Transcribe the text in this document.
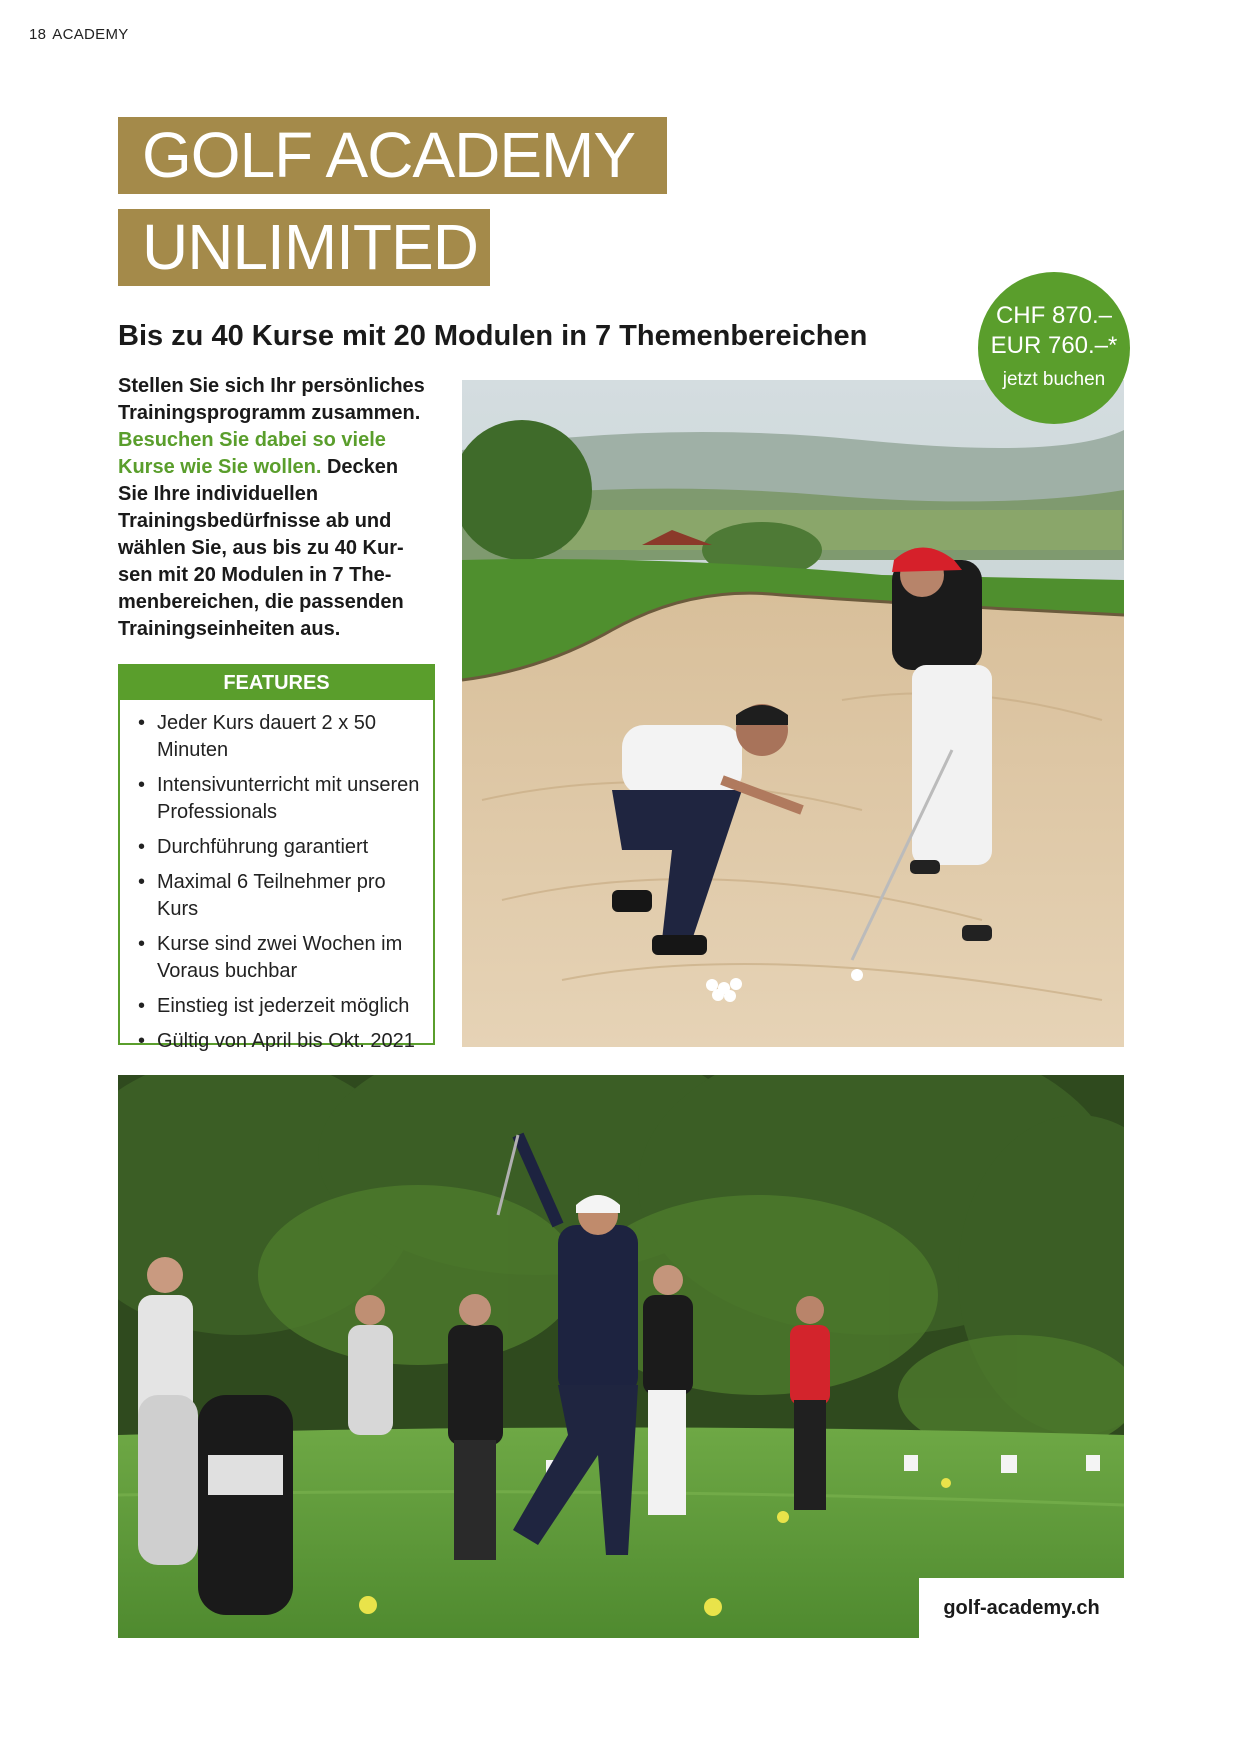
18 ACADEMY
GOLF ACADEMY
UNLIMITED
Bis zu 40 Kurse mit 20 Modulen in 7 Themenbereichen
CHF 870.–
EUR 760.–*
jetzt buchen
Stellen Sie sich Ihr persönliches Trainingsprogramm zusammen. Besuchen Sie dabei so viele Kurse wie Sie wollen. Decken Sie Ihre individuellen Trainingsbedürfnisse ab und wählen Sie, aus bis zu 40 Kursen mit 20 Modulen in 7 Themenbereichen, die passenden Trainingseinheiten aus.
FEATURES
• Jeder Kurs dauert 2 x 50 Minuten
• Intensivunterricht mit unseren Professionals
• Durchführung garantiert
• Maximal 6 Teilnehmer pro Kurs
• Kurse sind zwei Wochen im Voraus buchbar
• Einstieg ist jederzeit möglich
• Gültig von April bis Okt. 2021
golf-academy.ch
